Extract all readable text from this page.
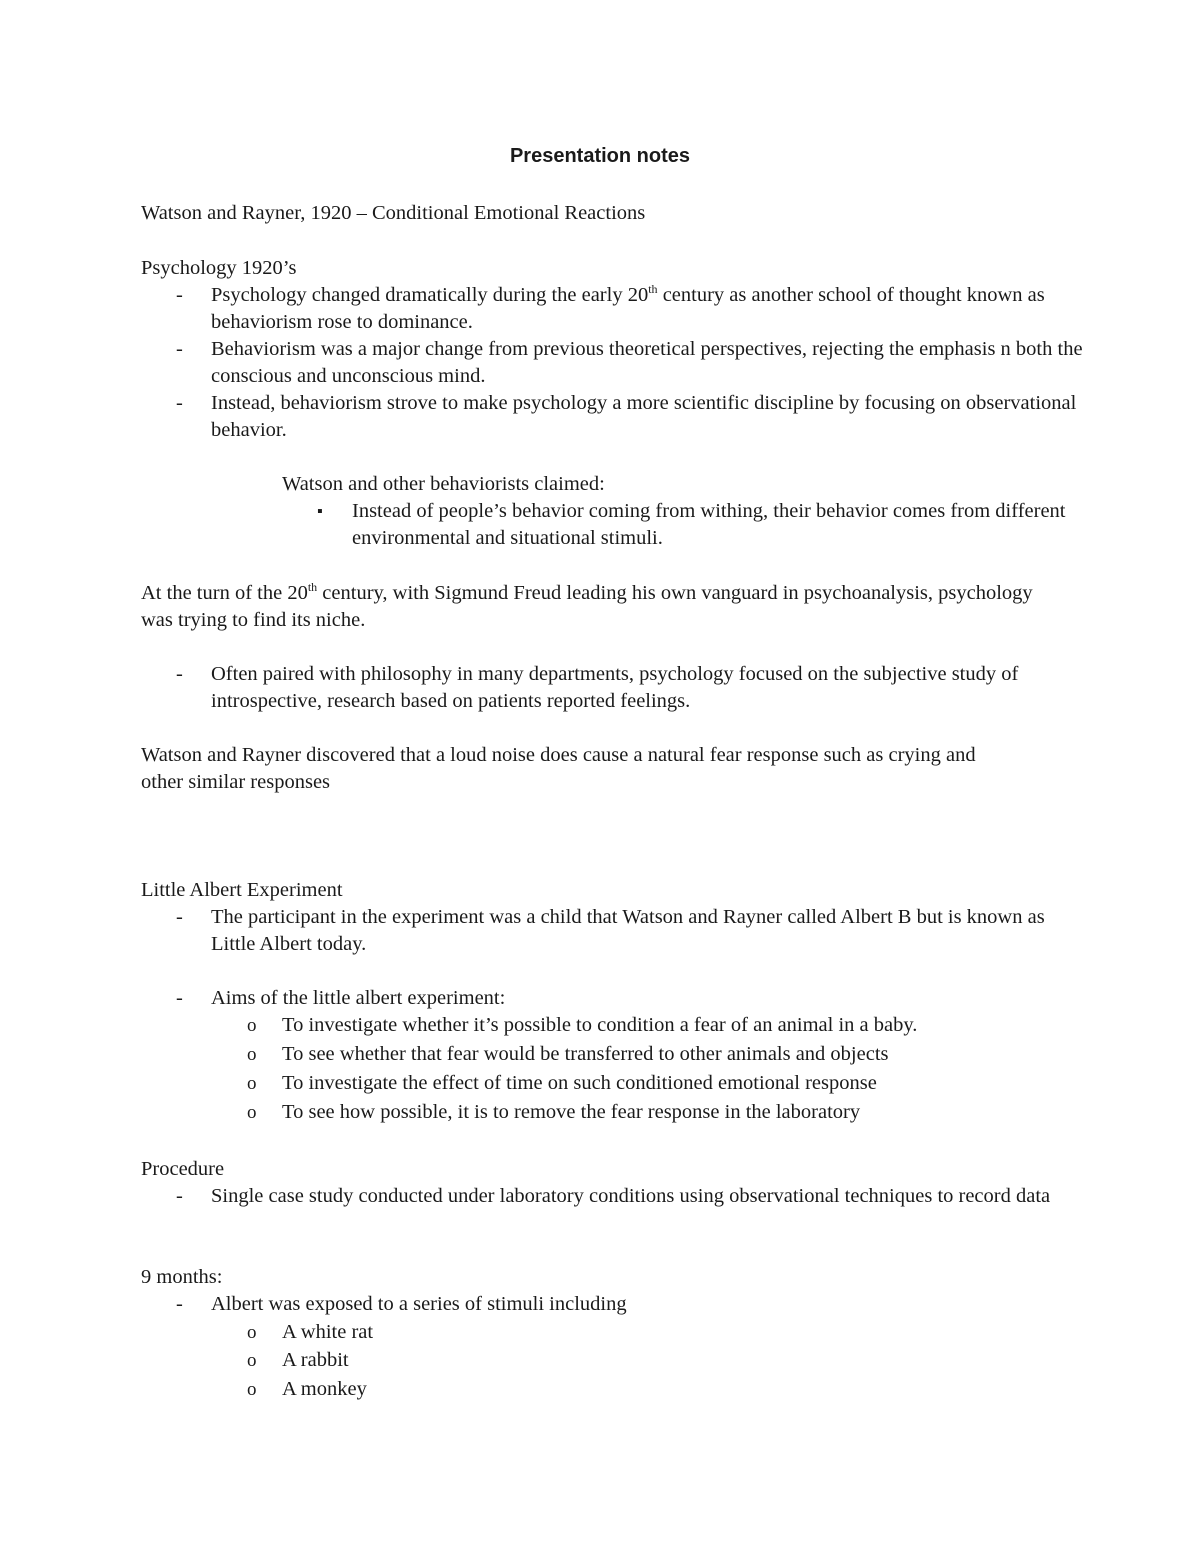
Presentation notes
Watson and Rayner, 1920 – Conditional Emotional Reactions
Psychology 1920’s
- Psychology changed dramatically during the early 20th century as another school of thought known as behaviorism rose to dominance.
- Behaviorism was a major change from previous theoretical perspectives, rejecting the emphasis n both the conscious and unconscious mind.
- Instead, behaviorism strove to make psychology a more scientific discipline by focusing on observational behavior.
Watson and other behaviorists claimed:
▪ Instead of people’s behavior coming from withing, their behavior comes from different environmental and situational stimuli.
At the turn of the 20th century, with Sigmund Freud leading his own vanguard in psychoanalysis, psychology was trying to find its niche.
- Often paired with philosophy in many departments, psychology focused on the subjective study of introspective, research based on patients reported feelings.
Watson and Rayner discovered that a loud noise does cause a natural fear response such as crying and other similar responses
Little Albert Experiment
- The participant in the experiment was a child that Watson and Rayner called Albert B but is known as Little Albert today.
- Aims of the little albert experiment:
o To investigate whether it’s possible to condition a fear of an animal in a baby.
o To see whether that fear would be transferred to other animals and objects
o To investigate the effect of time on such conditioned emotional response
o To see how possible, it is to remove the fear response in the laboratory
Procedure
- Single case study conducted under laboratory conditions using observational techniques to record data
9 months:
- Albert was exposed to a series of stimuli including
o A white rat
o A rabbit
o A monkey
